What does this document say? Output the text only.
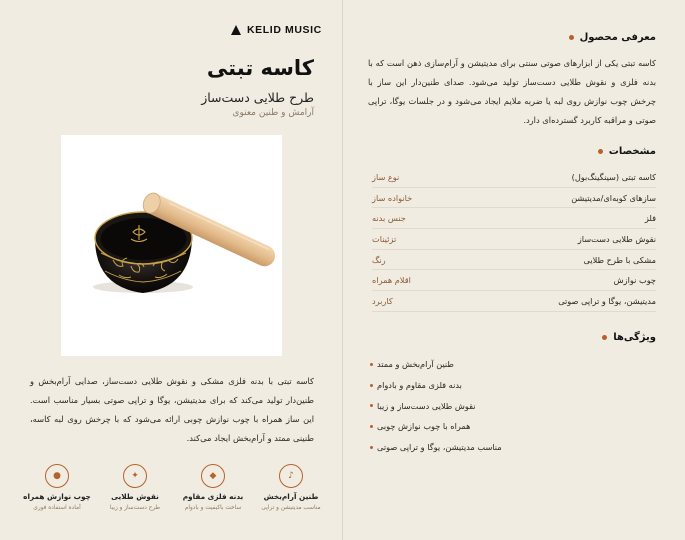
KELID MUSIC
کاسه تبتی
طرح طلایی دست‌ساز
آرامش و طنین معنوی

کاسه تبتی با بدنه فلزی مشکی و نقوش طلایی دست‌ساز، صدایی آرام‌بخش و طنین‌دار تولید می‌کند که برای مدیتیشن، یوگا و تراپی صوتی بسیار مناسب است. این ساز همراه با چوب نوازش چوبی ارائه می‌شود که با چرخش روی لبه کاسه، طنینی ممتد و آرام‌بخش ایجاد می‌کند.

♪
طنین آرام‌بخش
مناسب مدیتیشن و تراپی
◆
بدنه فلزی مقاوم
ساخت باکیفیت و بادوام
✦
نقوش طلایی
طرح دست‌ساز و زیبا
●
چوب نوازش همراه
آماده استفاده فوری
معرفی محصول

کاسه تبتی یکی از ابزارهای صوتی سنتی برای مدیتیشن و آرام‌سازی ذهن است که با بدنه فلزی و نقوش طلایی دست‌ساز تولید می‌شود. صدای طنین‌دار این ساز با چرخش چوب نوازش روی لبه یا ضربه ملایم ایجاد می‌شود و در جلسات یوگا، تراپی صوتی و مراقبه کاربرد گسترده‌ای دارد.

مشخصات
نوع ساز	کاسه تبتی (سینگینگ‌بول)
خانواده ساز	سازهای کوبه‌ای/مدیتیشن
جنس بدنه	فلز
تزئینات	نقوش طلایی دست‌ساز
رنگ	مشکی با طرح طلایی
اقلام همراه	چوب نوازش
کاربرد	مدیتیشن، یوگا و تراپی صوتی
ویژگی‌ها
طنین آرام‌بخش و ممتد
بدنه فلزی مقاوم و بادوام
نقوش طلایی دست‌ساز و زیبا
همراه با چوب نوازش چوبی
مناسب مدیتیشن، یوگا و تراپی صوتی
